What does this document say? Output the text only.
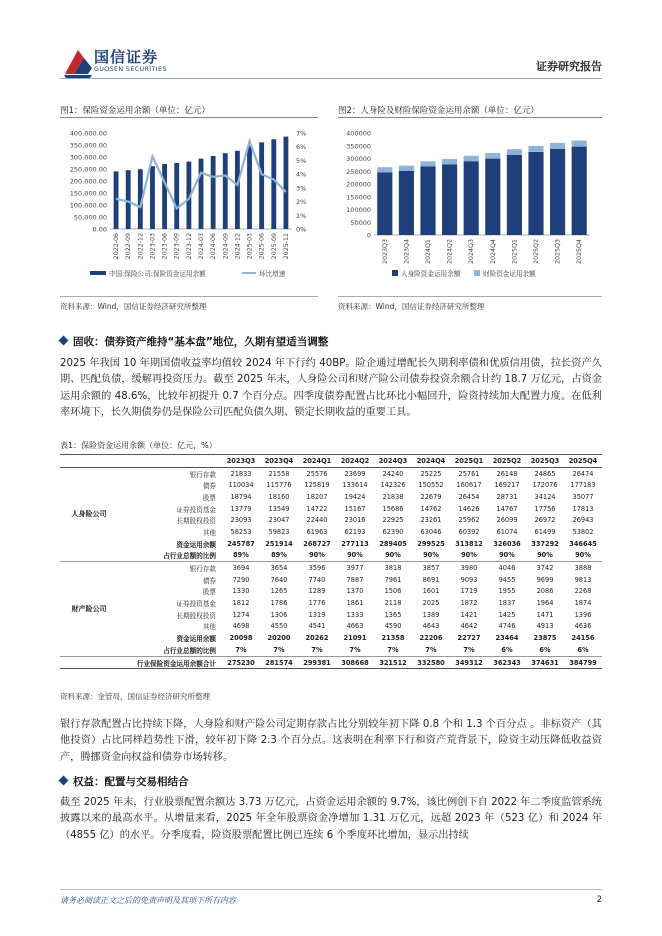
国信证券
GUOSEN SECURITIES	证券研究报告
图1：保险资金运用余额（单位：亿元）
400,000.00
350,000.00
300,000.00
250,000.00
200,000.00
150,000.00
100,000.00
50,000.00
0.00
7%
6%
5%
4%
3%
2%
1%
0%
2022-06 2022-09 2022-12 2023-03 2023-06 2023-09 2023-12 2024-03 2024-06 2024-09 2024-12 2025-03 2025-06 2025-09 2025-12
中国:保险公司:保险资金运用余额	环比增速
资料来源：Wind，国信证券经济研究所整理
图2：人身险及财险保险资金运用余额（单位：亿元）
400000
350000
300000
250000
200000
150000
100000
50000
0
2023Q3 2023Q4 2024Q1 2024Q2 2024Q3 2024Q4 2025Q1 2025Q2 2025Q3 2025Q4
人身险资金运用余额	财险资金运用余额
资料来源：Wind，国信证券经济研究所整理
固收：债券资产维持“基本盘”地位，久期有望适当调整
2025 年我国 10 年期国债收益率均值较 2024 年下行约 40BP。险企通过增配长久期利率债和优质信用债，拉长资产久期、匹配负债，缓解再投资压力。截至 2025 年末，人身险公司和财产险公司债券投资余额合计约 18.7 万亿元，占资金运用余额的 48.6%，比较年初提升 0.7 个百分点。四季度债券配置占比环比小幅回升，险资持续加大配置力度。在低利率环境下，长久期债券仍是保险公司匹配负债久期、锁定长期收益的重要工具。
表1：保险资金运用余额（单位：亿元，%）
		2023Q3	2023Q4	2024Q1	2024Q2	2024Q3	2024Q4	2025Q1	2025Q2	2025Q3	2025Q4
人身险公司	银行存款	21833	21558	25576	23699	24240	25225	25761	26148	24865	26474
	债券	110034	115776	125819	133614	142326	150552	160617	169217	172076	177183
	股票	18794	18160	18207	19424	21838	22679	26454	28731	34124	35077
	证券投资基金	13779	13549	14722	15167	15686	14762	14626	14767	17756	17813
	长期股权投资	23093	23047	22440	23016	22925	23261	25962	26099	26972	26943
	其他	58253	59823	61963	62193	62390	63046	60392	61074	61499	53802
	资金运用余额	245787	251914	268727	277113	289405	299525	313812	326036	337292	346645
	占行业总额的比例	89%	89%	90%	90%	90%	90%	90%	90%	90%	90%
财产险公司	银行存款	3694	3654	3596	3977	3818	3857	3980	4046	3742	3888
	债券	7290	7640	7740	7887	7961	8691	9093	9455	9699	9813
	股票	1330	1265	1289	1370	1506	1601	1719	1955	2086	2268
	证券投资基金	1812	1786	1776	1861	2118	2025	1872	1837	1964	1874
	长期股权投资	1274	1306	1319	1333	1365	1389	1421	1425	1471	1396
	其他	4698	4550	4541	4663	4590	4643	4642	4746	4913	4636
	资金运用余额	20098	20200	20262	21091	21358	22206	22727	23464	23875	24156
	占行业总额的比例	7%	7%	7%	7%	7%	7%	7%	6%	6%	6%
行业保险资金运用余额合计		275230	281574	299381	308668	321512	332580	349312	362343	374631	384799
资料来源：金管局，国信证券经济研究所整理
银行存款配置占比持续下降，人身险和财产险公司定期存款占比分别较年初下降 0.8 个和 1.3 个百分点 。非标资产（其他投资）占比同样趋势性下滑，较年初下降 2.3 个百分点。这表明在利率下行和资产荒背景下，险资主动压降低收益资产，腾挪资金向权益和债券市场转移。
权益：配置与交易相结合
截至 2025 年末，行业股票配置余额达 3.73 万亿元，占资金运用余额的 9.7%，该比例创下自 2022 年二季度监管系统披露以来的最高水平。从增量来看，2025 年全年股票资金净增加 1.31 万亿元，远超 2023 年（523 亿）和 2024 年（4855 亿）的水平。分季度看，险资股票配置比例已连续 6 个季度环比增加，显示出持续
请务必阅读正文之后的免责声明及其项下所有内容	2
